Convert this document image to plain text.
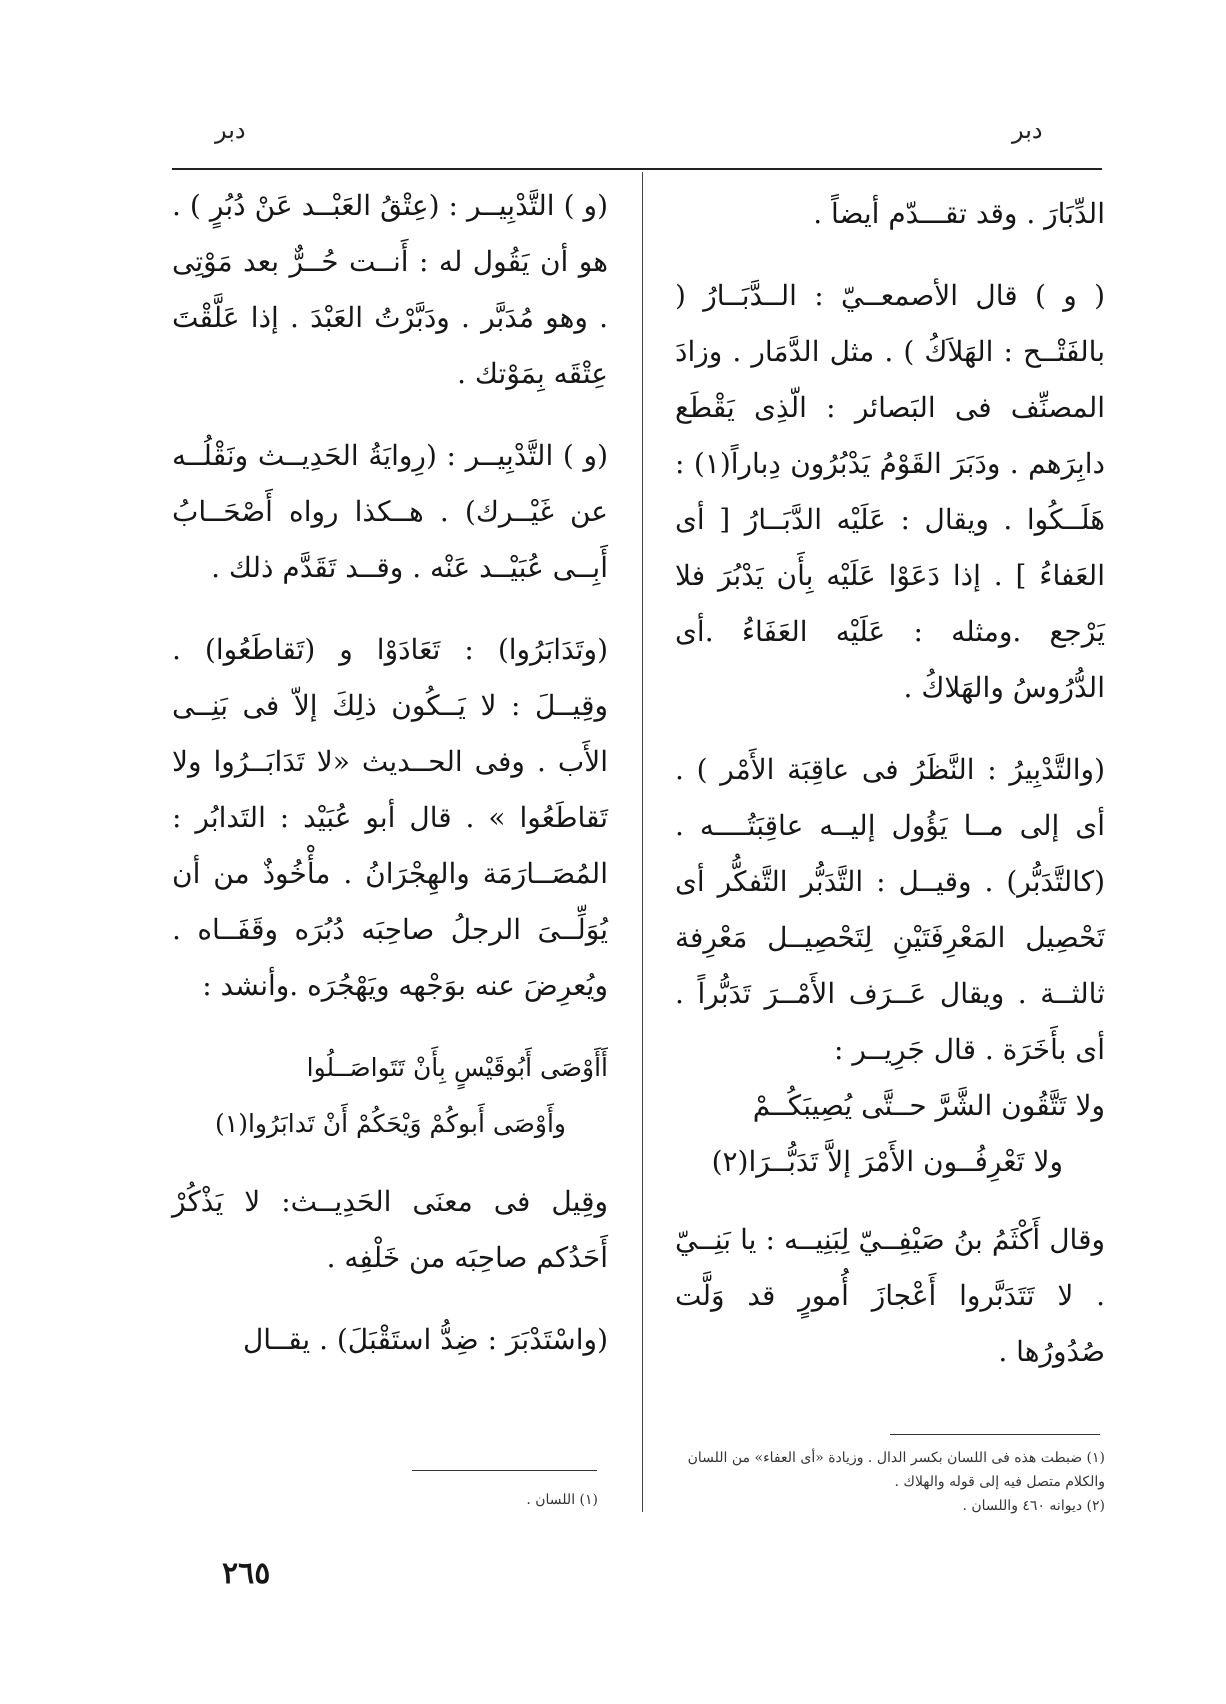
دبر
دبر

الدِّبَارَ . وقد تقـــدّم أيضاً .

( و ) قال الأصمعــيّ : الــدَّبَــارُ ( بالفَتْــح : الهَلاَكُ ) . مثل الدَّمَار . وزادَ المصنِّف فى البَصائر : الّذِى يَقْطَع دابِرَهم . ودَبَرَ القَوْمُ يَدْبُرُون دِباراً(١) : هَلَــكُوا . ويقال : عَلَيْه الدَّبَــارُ [ أى العَفاءُ ] . إذا دَعَوْا عَلَيْه بِأَن يَدْبُرَ فلا يَرْجع .ومثله : عَلَيْه العَفَاءُ .أى الدُّرُوسُ والهَلاكُ .

(والتَّدْبِيرُ : النَّظَرُ فى عاقِبَة الأَمْر ) . أى إلى مــا يَؤُول إليــه عاقِبَتُــــه . (كالتَّدَبُّر) . وقيــل : التَّدَبُّر التَّفكُّر أى تَحْصِيل المَعْرِفَتَيْنِ لِتَحْصِيــل مَعْرِفة ثالثــة . ويقال عَــرَف الأَمْــرَ تَدَبُّراً . أى بأَخَرَة . قال جَرِيــر :

ولا تَتَّقُون الشَّرَّ حــتَّى يُصِيبَكُــمْ
ولا تَعْرِفُــون الأَمْرَ إلاَّ تَدَبُّــرَا(٢)

وقال أَكْثَمُ بنُ صَيْفِــيّ لِبَنِيــه : يا بَنِــيّ . لا تَتَدَبَّروا أَعْجازَ أُمورٍ قد وَلَّت صُدُورُها .

(و ) التَّدْبِيــر : (عِتْقُ العَبْــد عَنْ دُبُرٍ ) . هو أن يَقُول له : أَنــت حُــرٌّ بعد مَوْتِى . وهو مُدَبَّر . ودَبَّرْتُ العَبْدَ . إذا عَلَّقْتَ عِتْقَه بِمَوْتك .

(و ) التَّدْبِيــر : (رِوايَةُ الحَدِيــث ونَقْلُــه عن غَيْــرك) . هــكذا رواه أَصْحَــابُ أَبِــى عُبَيْــد عَنْه . وقــد تَقَدَّم ذلك .

(وتَدَابَرُوا) : تَعَادَوْا و (تَقاطَعُوا) . وقِيــلَ : لا يَــكُون ذلِكَ إلاّ فى بَنِــى الأَب . وفى الحــديث «لا تَدَابَــرُوا ولا تَقاطَعُوا » . قال أبو عُبَيْد : التَدابُر : المُصَــارَمَة والهِجْرَانُ . مأْخُوذٌ من أن يُوَلِّــىَ الرجلُ صاحِبَه دُبُرَه وقَفَــاه . ويُعرِضَ عنه بوَجْهه ويَهْجُرَه .وأنشد :

أَأَوْصَى أَبُوقَيْسٍ بِأَنْ تَتَواصَــلُوا
وأَوْصَى أَبوكُمْ وَيْحَكُمْ أَنْ تَدابَرُوا(١)

وقِيل فى معنَى الحَدِيــث: لا يَذْكُرْ أَحَدُكم صاحِبَه من خَلْفِه .

(واسْتَدْبَرَ : ضِدُّ استَقْبَلَ) . يقــال

(١) اللسان .
(١) ضبطت هذه فى اللسان بكسر الدال . وزيادة «أى العفاء» من اللسان والكلام متصل فيه إلى قوله والهلاك .
(٢) ديوانه ٤٦٠ واللسان .
٢٦٥
